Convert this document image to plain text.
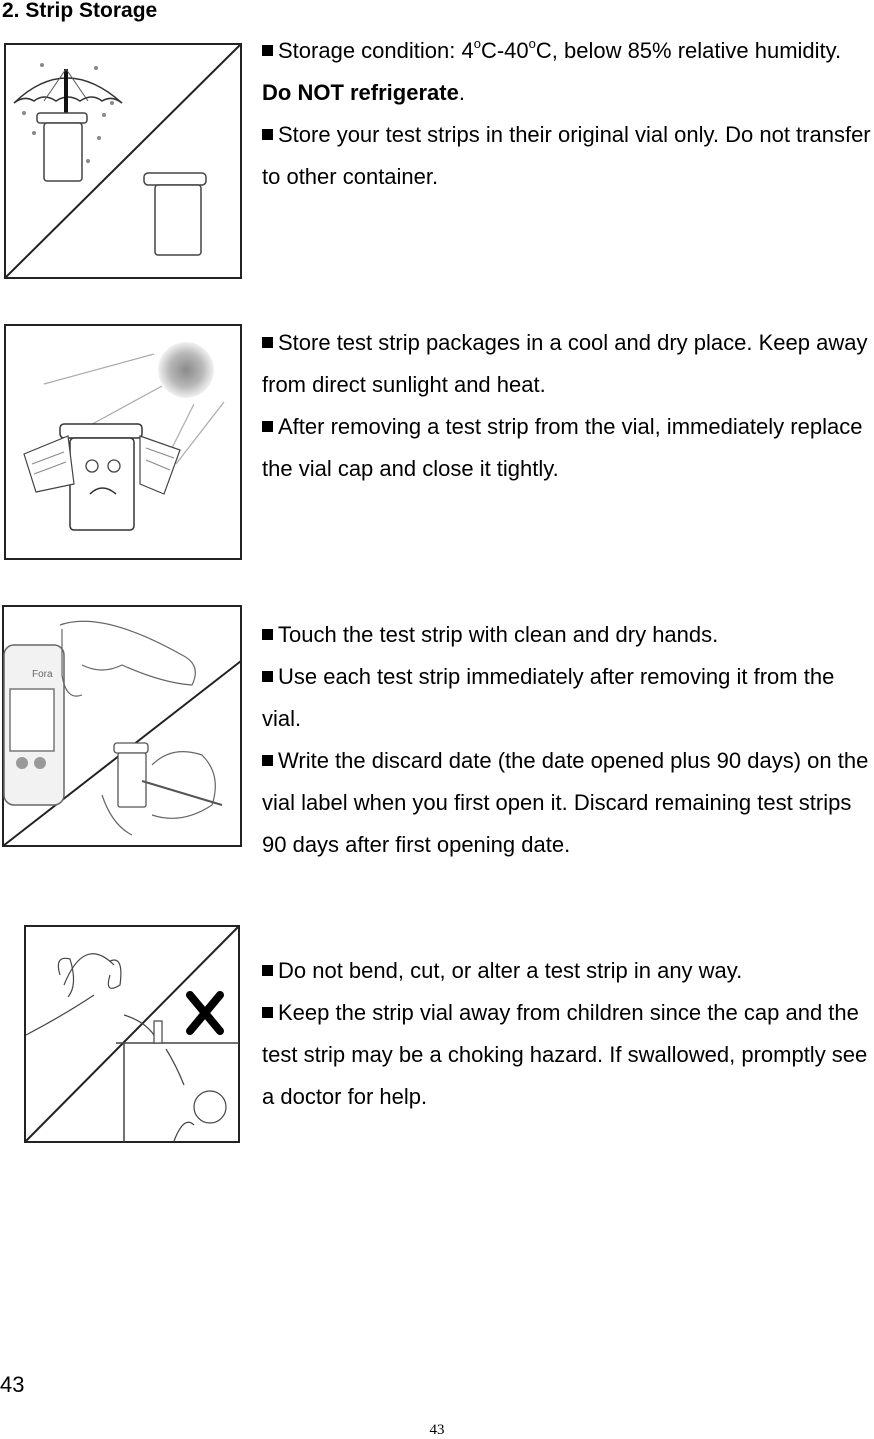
2. Strip Storage

Storage condition: 4$^o$C-40$^o$C, below 85% relative humidity. Do NOT refrigerate.

Store your test strips in their original vial only. Do not transfer to other container.

Store test strip packages in a cool and dry place. Keep away from direct sunlight and heat.

After removing a test strip from the vial, immediately replace the vial cap and close it tightly.

Fora

Touch the test strip with clean and dry hands.

Use each test strip immediately after removing it from the vial.

Write the discard date (the date opened plus 90 days) on the vial label when you first open it. Discard remaining test strips 90 days after first opening date.

Do not bend, cut, or alter a test strip in any way.

Keep the strip vial away from children since the cap and the test strip may be a choking hazard. If swallowed, promptly see a doctor for help.

43
43
